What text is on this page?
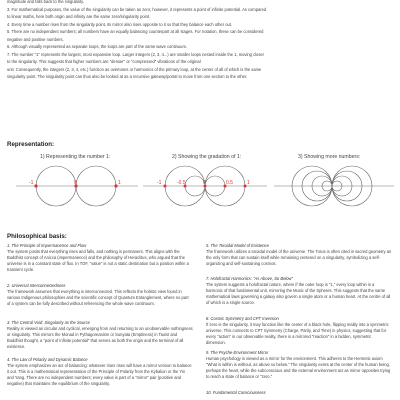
magnitude and falls back to the singularity.

3. For mathematical purposes, the value of the singularity can be taken as zero; however, it represents a point of infinite potential. As compared

to linear maths, here both origin and infinity are the same zero/singularity point.

4. Every time a number rises from the singularity point, its mirror also rises opposite to it so that they balance each other out.

5. There are no independent numbers; all numbers have an equally balancing counterpart at all stages. For notation, these can be considered

negative and positive numbers.

6. Although visually represented as separate loops, the loops are part of the same wave continuum.

7. The number "1" represents the largest, most expansive loop. Larger integers (2, 3, 4...) are smaller loops nested inside the 1, moving closer

to the singularity. This suggests that higher numbers are "denser" or "compressed" vibrations of the original

unit. Consequently, the integers (2, 3, 4, etc.) function as overtones or harmonics of the primary loop, at the center of all of which is the same

singularity point. The singularity point can thus also be looked at as a recursive gateway/portal to move from one section to the other.

Representation:
1) Representing the number 1:	2) Showing the gradation of 1:	3) Showing more numbers:
-1	0	1	-1	-0.5	0	0.5	1
Philosophical basis:
1. The Principle of Impermanence and Flow

The system posits that everything rises and falls, and nothing is permanent. This aligns with the Buddhist concept of Anicca (impermanence) and the philosophy of Heraclitus, who argued that the universe is in a constant state of flux. In TOF, "value" is not a static destination but a position within a transient cycle.

2. Universal Interconnectedness

The framework assumes that everything is interconnected. This reflects the holistic view found in various Indigenous philosophies and the scientific concept of Quantum Entanglement, where no part of a system can be fully described without referencing the whole wave continuum.

3. The Central Void: Singularity as the Source

Reality is viewed as circular and cyclical, emerging from and returning to an unobservable nothingness or singularity. This mirrors the Monad in Pythagoreanism or Sunyata (Emptiness) in Taoist and Buddhist thought, a "point of infinite potential" that serves as both the origin and the terminal of all existence.

4. The Law of Polarity and Dynamic Balance

The system emphasizes an act of balancing: whatever rises rises will have a mirror version to balance it out. This is a mathematical representation of the Principle of Polarity from the Kybalion or the Yin and Yang. There are no independent numbers; every value is part of a "mirror" pair (positive and negative) that maintains the equilibrium of the singularity.

5. The Toroidal Model of Existence

The framework utilizes a toroidal model of the universe. The Torus is often cited in sacred geometry as the only form that can sustain itself while remaining centered on a singularity, symbolizing a self-organizing and self-sustaining cosmos.

7. Holofractal Harmonics: "As Above, So Below"

The system suggests a holofractal nature, where if the outer loop is "1," every loop within is a harmonic of that fundamental unit, mirroring the Music of the Spheres. This suggests that the same mathematical laws governing a galaxy also govern a single atom or a human heart. At the centre of all of which is a single source.

8. Cosmic Symmetry and CPT Inversion

If zero is the singularity, it may function like the center of a black hole, flipping reality into a symmetric universe. This connects to CPT Symmetry (Charge, Parity, and Time) in physics, suggesting that for every "action" in our observable reality, there is a mirrored "reaction" in a hidden, symmetric dimension.

9. The Psyche-Environment Mirror

Human psychology is viewed as a mirror for the environment. This adheres to the Hermetic axiom "What is within is without, as above so below." The singularity exists at the center of the human being, perhaps the heart, while the subconscious and the external environment act as mirror opposites trying to reach a state of balance or "zero."

10. Fundamental Consciousness
